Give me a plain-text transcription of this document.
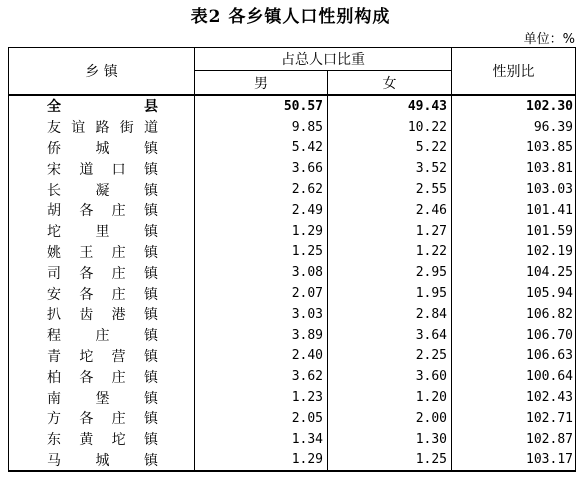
表2 各乡镇人口性别构成
单位：%
乡 镇	占总人口比重		性别比
	男	女	
全县	50.57	49.43	102.30
友谊路街道	9.85	10.22	96.39
侨城镇	5.42	5.22	103.85
宋道口镇	3.66	3.52	103.81
长凝镇	2.62	2.55	103.03
胡各庄镇	2.49	2.46	101.41
坨里镇	1.29	1.27	101.59
姚王庄镇	1.25	1.22	102.19
司各庄镇	3.08	2.95	104.25
安各庄镇	2.07	1.95	105.94
扒齿港镇	3.03	2.84	106.82
程庄镇	3.89	3.64	106.70
青坨营镇	2.40	2.25	106.63
柏各庄镇	3.62	3.60	100.64
南堡镇	1.23	1.20	102.43
方各庄镇	2.05	2.00	102.71
东黄坨镇	1.34	1.30	102.87
马城镇	1.29	1.25	103.17
